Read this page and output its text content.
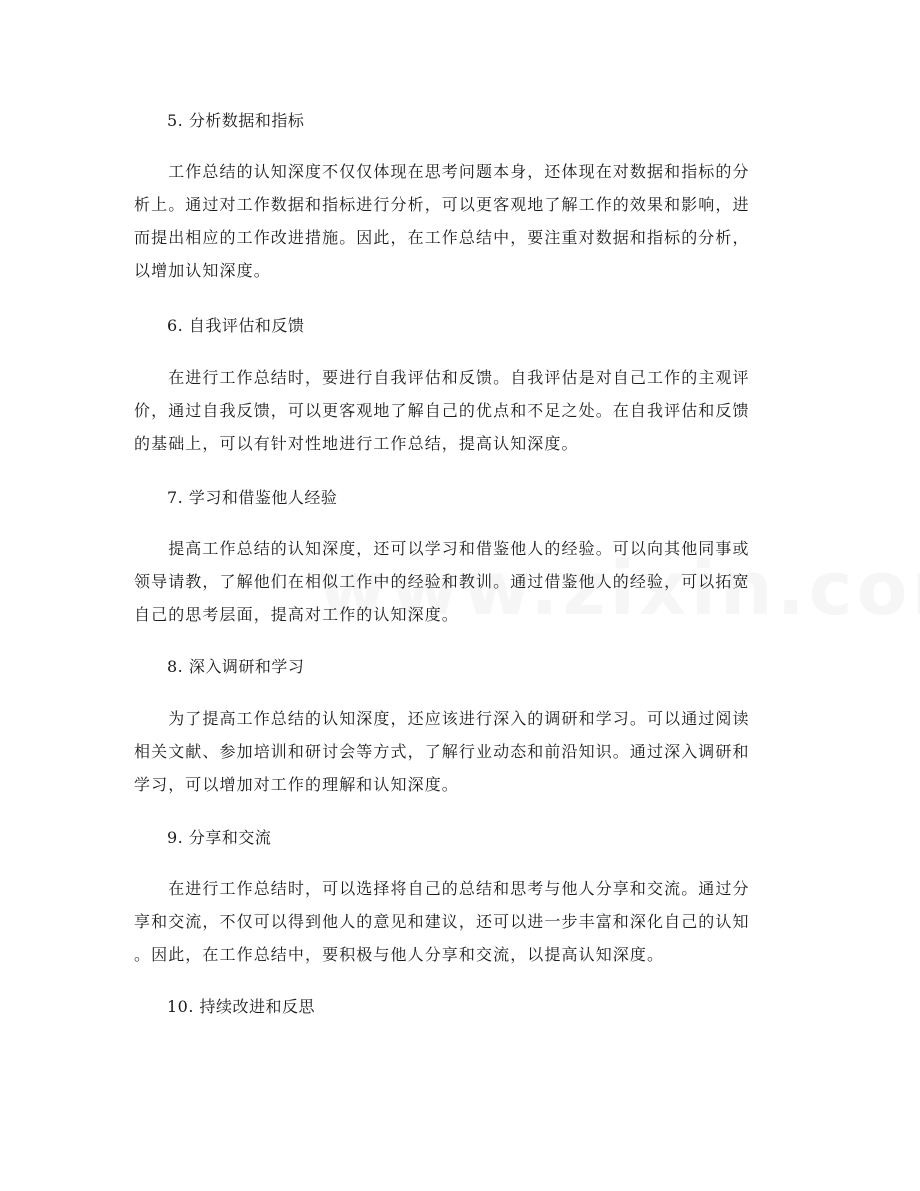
5. 分析数据和指标
　　工作总结的认知深度不仅仅体现在思考问题本身，还体现在对数据和指标的分
析上。通过对工作数据和指标进行分析，可以更客观地了解工作的效果和影响，进
而提出相应的工作改进措施。因此，在工作总结中，要注重对数据和指标的分析，
以增加认知深度。
6. 自我评估和反馈
　　在进行工作总结时，要进行自我评估和反馈。自我评估是对自己工作的主观评
价，通过自我反馈，可以更客观地了解自己的优点和不足之处。在自我评估和反馈
的基础上，可以有针对性地进行工作总结，提高认知深度。
7. 学习和借鉴他人经验
　　提高工作总结的认知深度，还可以学习和借鉴他人的经验。可以向其他同事或
领导请教，了解他们在相似工作中的经验和教训。通过借鉴他人的经验，可以拓宽
自己的思考层面，提高对工作的认知深度。
8. 深入调研和学习
　　为了提高工作总结的认知深度，还应该进行深入的调研和学习。可以通过阅读
相关文献、参加培训和研讨会等方式，了解行业动态和前沿知识。通过深入调研和
学习，可以增加对工作的理解和认知深度。
9. 分享和交流
　　在进行工作总结时，可以选择将自己的总结和思考与他人分享和交流。通过分
享和交流，不仅可以得到他人的意见和建议，还可以进一步丰富和深化自己的认知
。因此，在工作总结中，要积极与他人分享和交流，以提高认知深度。
10. 持续改进和反思
